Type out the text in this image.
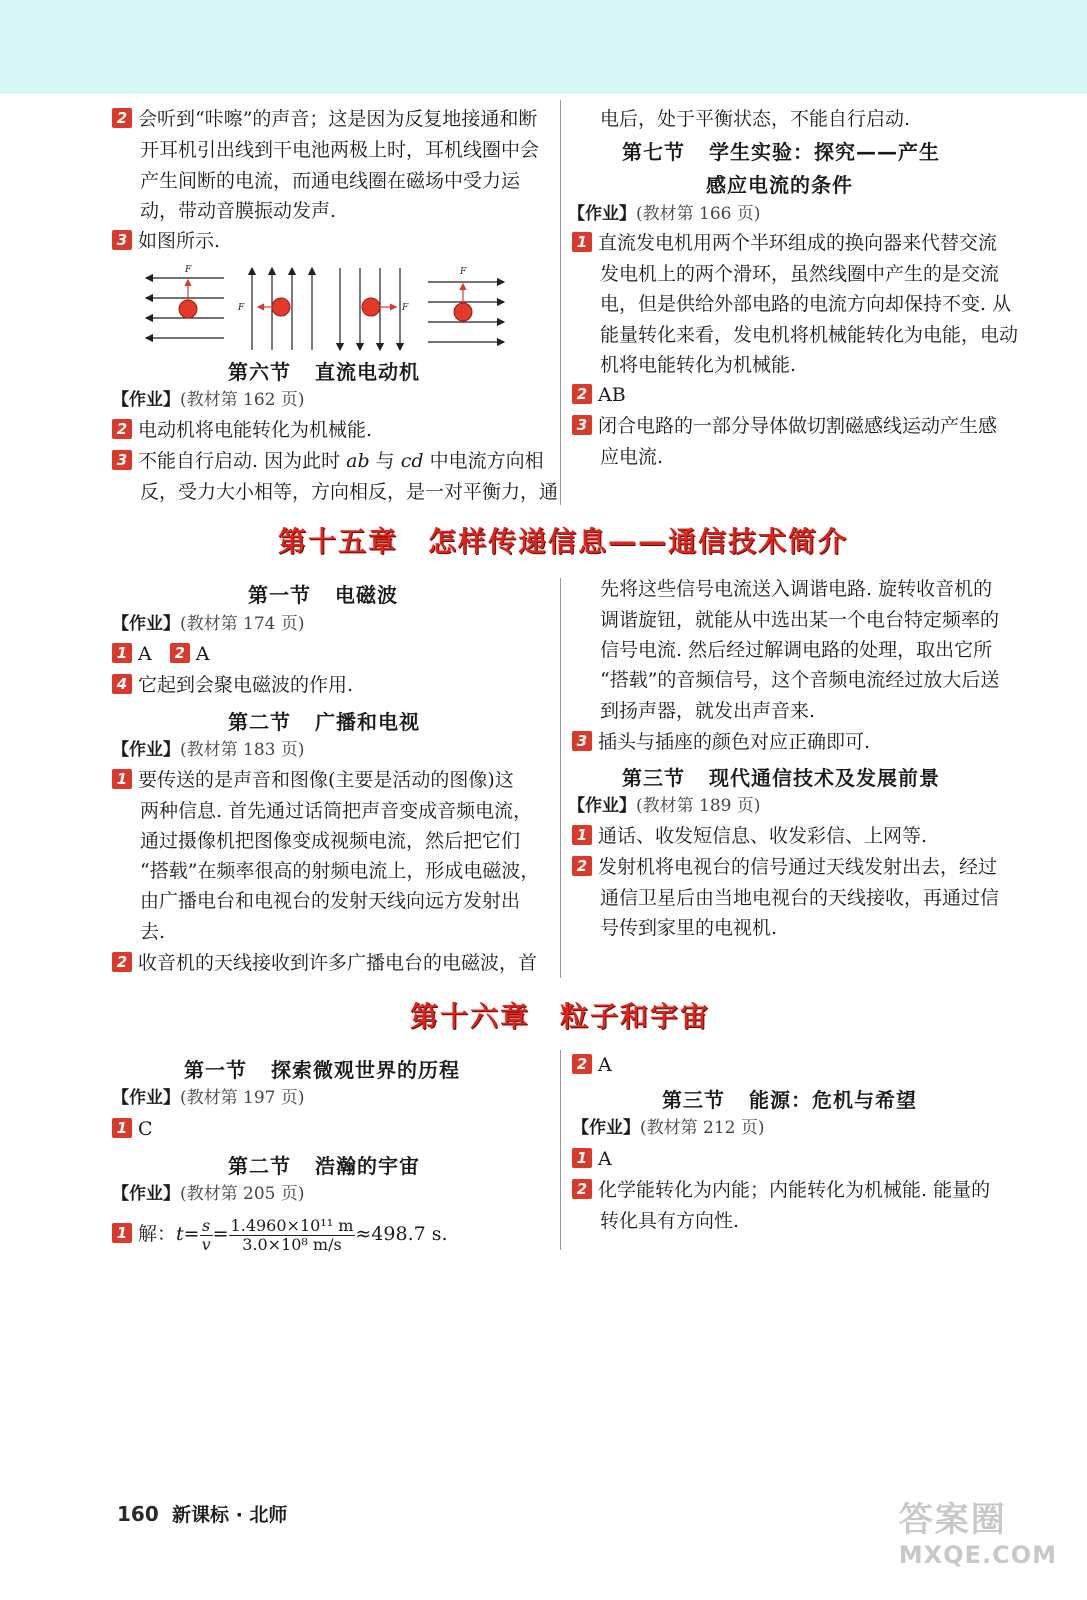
2 会听到“咔嚓”的声音；这是因为反复地接通和断
开耳机引出线到干电池两极上时，耳机线圈中会
产生间断的电流，而通电线圈在磁场中受力运
动，带动音膜振动发声.
3 如图所示.
F
F	F
F
第六节 直流电动机
【作业】(教材第 162 页)
2 电动机将电能转化为机械能.
3 不能自行启动. 因为此时 ab 与 cd 中电流方向相
反，受力大小相等，方向相反，是一对平衡力，通
电后，处于平衡状态，不能自行启动.
第七节 学生实验：探究——产生
感应电流的条件
【作业】(教材第 166 页)
1 直流发电机用两个半环组成的换向器来代替交流
发电机上的两个滑环，虽然线圈中产生的是交流
电，但是供给外部电路的电流方向却保持不变. 从
能量转化来看，发电机将机械能转化为电能，电动
机将电能转化为机械能.
2 AB
3 闭合电路的一部分导体做切割磁感线运动产生感
应电流.
第十五章 怎样传递信息——通信技术简介
第一节 电磁波
【作业】(教材第 174 页)
1 A 2 A
4 它起到会聚电磁波的作用.
第二节 广播和电视
【作业】(教材第 183 页)
1 要传送的是声音和图像(主要是活动的图像)这
两种信息. 首先通过话筒把声音变成音频电流，
通过摄像机把图像变成视频电流，然后把它们
“搭载”在频率很高的射频电流上，形成电磁波，
由广播电台和电视台的发射天线向远方发射出
去.
2 收音机的天线接收到许多广播电台的电磁波，首
先将这些信号电流送入调谐电路. 旋转收音机的
调谐旋钮，就能从中选出某一个电台特定频率的
信号电流. 然后经过解调电路的处理，取出它所
“搭载”的音频信号，这个音频电流经过放大后送
到扬声器，就发出声音来.
3 插头与插座的颜色对应正确即可.
第三节 现代通信技术及发展前景
【作业】(教材第 189 页)
1 通话、收发短信息、收发彩信、上网等.
2 发射机将电视台的信号通过天线发射出去，经过
通信卫星后由当地电视台的天线接收，再通过信
号传到家里的电视机.
第十六章 粒子和宇宙
第一节 探索微观世界的历程
【作业】(教材第 197 页)
1 C
第二节 浩瀚的宇宙
【作业】(教材第 205 页)
1 解：$t= \frac{s}{v} = \frac{\text{1.4960×10¹¹ m}}{\text{3.0×10⁸ m/s}} \approx 498.7$ s.
2 A
第三节 能源：危机与希望
【作业】(教材第 212 页)
1 A
2 化学能转化为内能；内能转化为机械能. 能量的
转化具有方向性.
160 新课标 · 北师	答案圈
MXQE.COM
